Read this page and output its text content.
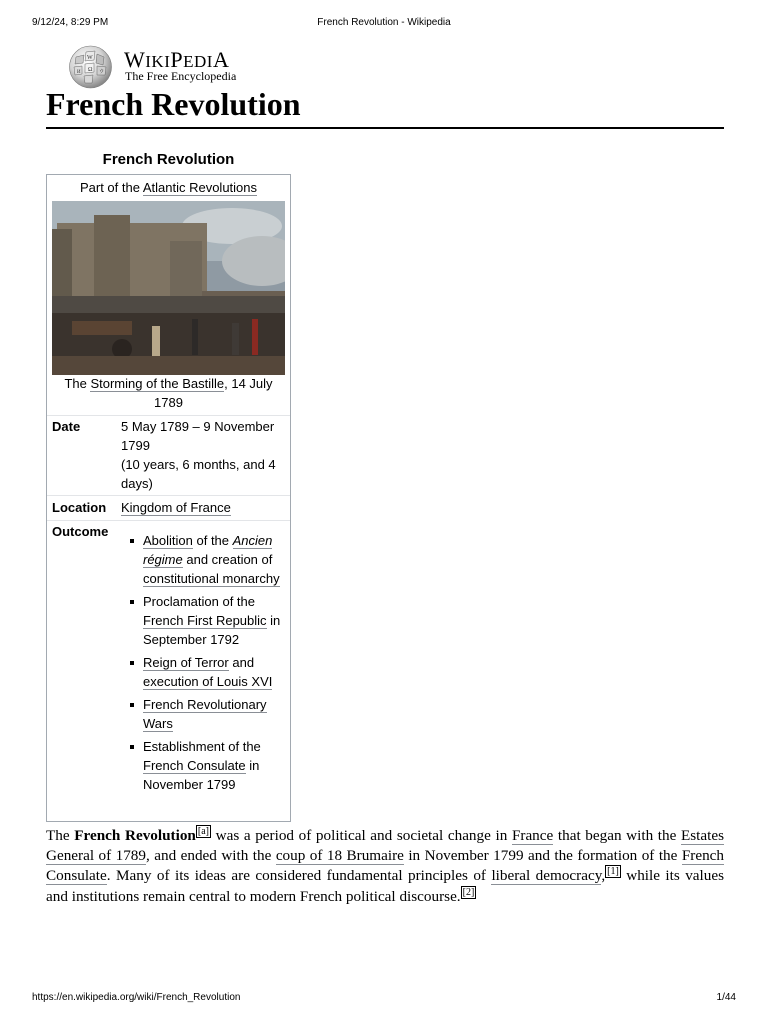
9/12/24, 8:29 PM	French Revolution - Wikipedia
W
Ω
И	ウ
WIKIPEDIA
The Free Encyclopedia
French Revolution
French Revolution
Part of the Atlantic Revolutions
The Storming of the Bastille, 14 July 1789
Date	5 May 1789 – 9 November 1799
(10 years, 6 months, and 4 days)
Location Kingdom of France
Outcome
Abolition of the Ancien régime and creation of constitutional monarchy
Proclamation of the French First Republic in September 1792
Reign of Terror and execution of Louis XVI
French Revolutionary Wars
Establishment of the French Consulate in November 1799

The French Revolution [a] was a period of political and societal change in France that began with the Estates General of 1789, and ended with the coup of 18 Brumaire in November 1799 and the formation of the French Consulate. Many of its ideas are considered fundamental principles of liberal democracy, [1] while its values and institutions remain central to modern French political discourse. [2]

https://en.wikipedia.org/wiki/French_Revolution	1/44
